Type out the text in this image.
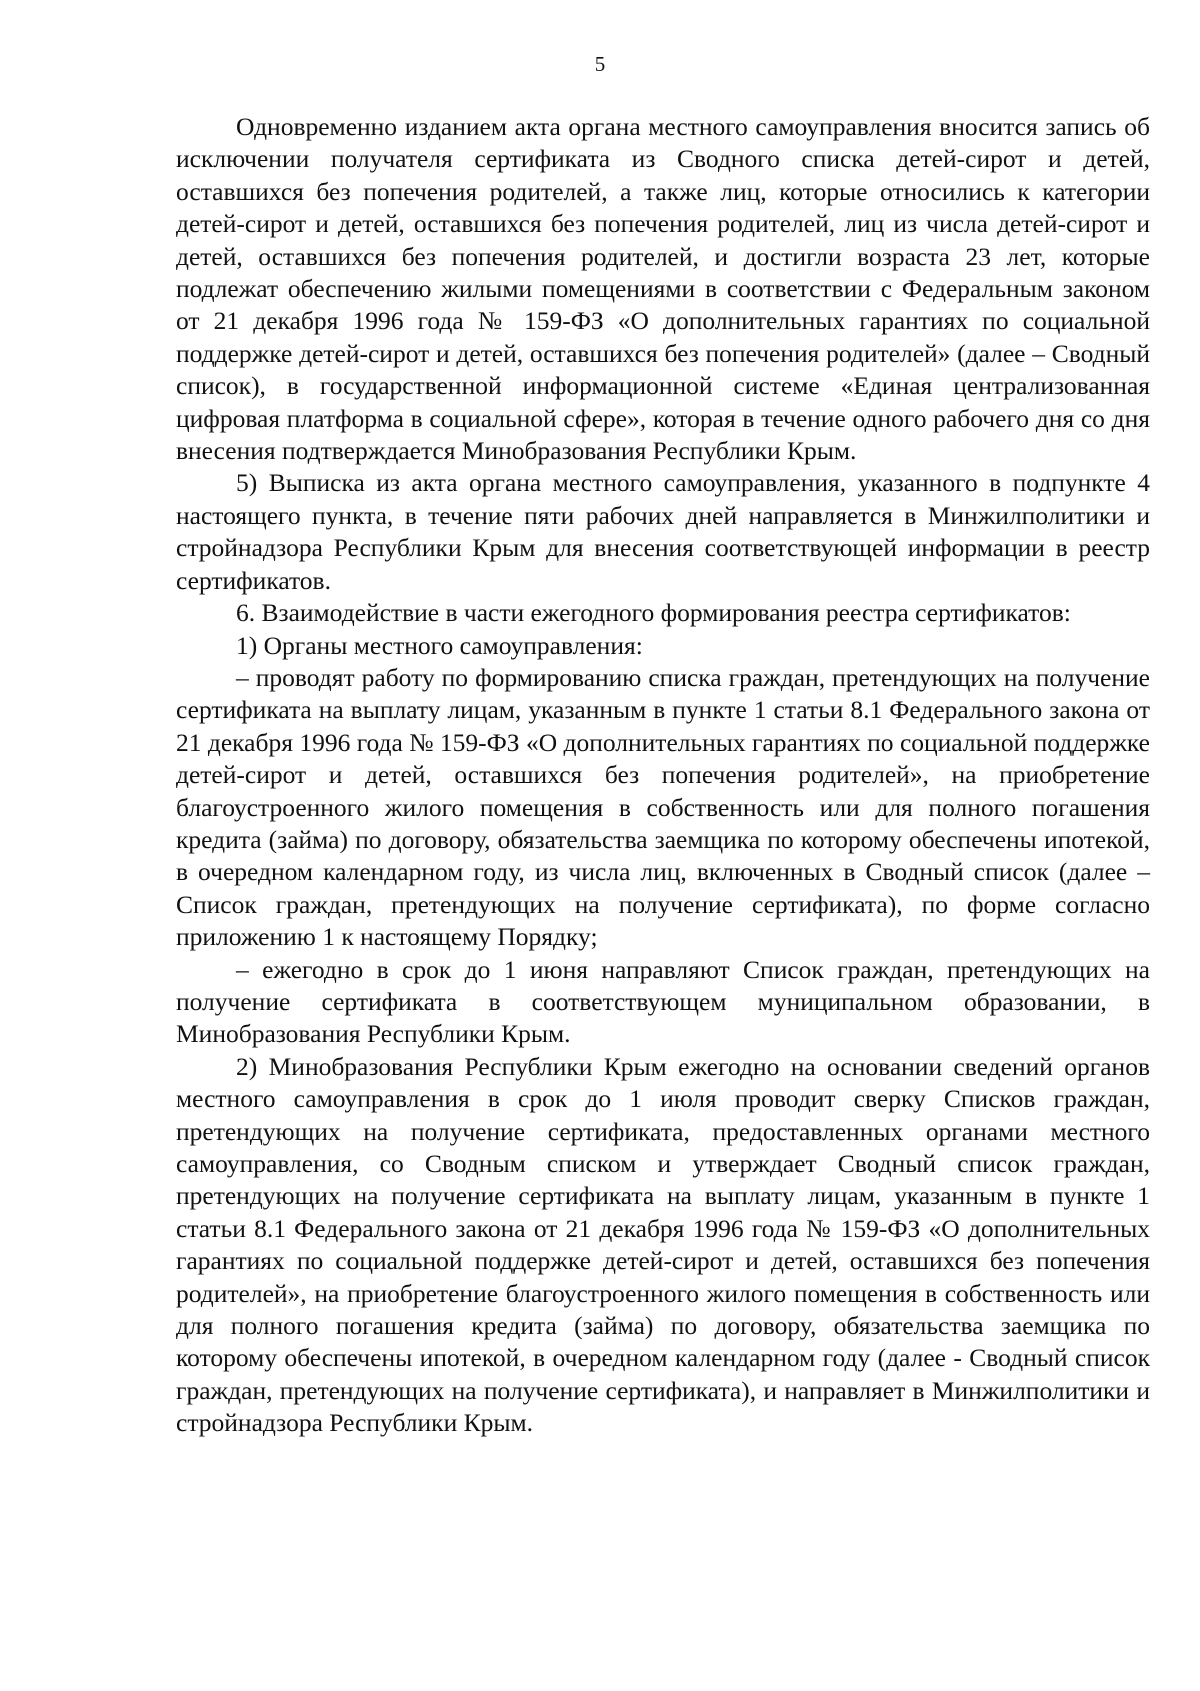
5

Одновременно изданием акта органа местного самоуправления вносится запись об исключении получателя сертификата из Сводного списка детей-сирот и детей, оставшихся без попечения родителей, а также лиц, которые относились к категории детей-сирот и детей, оставшихся без попечения родителей, лиц из числа детей-сирот и детей, оставшихся без попечения родителей, и достигли возраста 23 лет, которые подлежат обеспечению жилыми помещениями в соответствии с Федеральным законом от 21 декабря 1996 года № 159-ФЗ «О дополнительных гарантиях по социальной поддержке детей-сирот и детей, оставшихся без попечения родителей» (далее – Сводный список), в государственной информационной системе «Единая централизованная цифровая платформа в социальной сфере», которая в течение одного рабочего дня со дня внесения подтверждается Минобразования Республики Крым.

5) Выписка из акта органа местного самоуправления, указанного в подпункте 4 настоящего пункта, в течение пяти рабочих дней направляется в Минжилполитики и стройнадзора Республики Крым для внесения соответствующей информации в реестр сертификатов.

6. Взаимодействие в части ежегодного формирования реестра сертификатов:

1) Органы местного самоуправления:

– проводят работу по формированию списка граждан, претендующих на получение сертификата на выплату лицам, указанным в пункте 1 статьи 8.1 Федерального закона от 21 декабря 1996 года № 159-ФЗ «О дополнительных гарантиях по социальной поддержке детей-сирот и детей, оставшихся без попечения родителей», на приобретение благоустроенного жилого помещения в собственность или для полного погашения кредита (займа) по договору, обязательства заемщика по которому обеспечены ипотекой, в очередном календарном году, из числа лиц, включенных в Сводный список (далее – Список граждан, претендующих на получение сертификата), по форме согласно приложению 1 к настоящему Порядку;

– ежегодно в срок до 1 июня направляют Список граждан, претендующих на получение сертификата в соответствующем муниципальном образовании, в Минобразования Республики Крым.

2) Минобразования Республики Крым ежегодно на основании сведений органов местного самоуправления в срок до 1 июля проводит сверку Списков граждан, претендующих на получение сертификата, предоставленных органами местного самоуправления, со Сводным списком и утверждает Сводный список граждан, претендующих на получение сертификата на выплату лицам, указанным в пункте 1 статьи 8.1 Федерального закона от 21 декабря 1996 года № 159-ФЗ «О дополнительных гарантиях по социальной поддержке детей-сирот и детей, оставшихся без попечения родителей», на приобретение благоустроенного жилого помещения в собственность или для полного погашения кредита (займа) по договору, обязательства заемщика по которому обеспечены ипотекой, в очередном календарном году (далее - Сводный список граждан, претендующих на получение сертификата), и направляет в Минжилполитики и стройнадзора Республики Крым.
